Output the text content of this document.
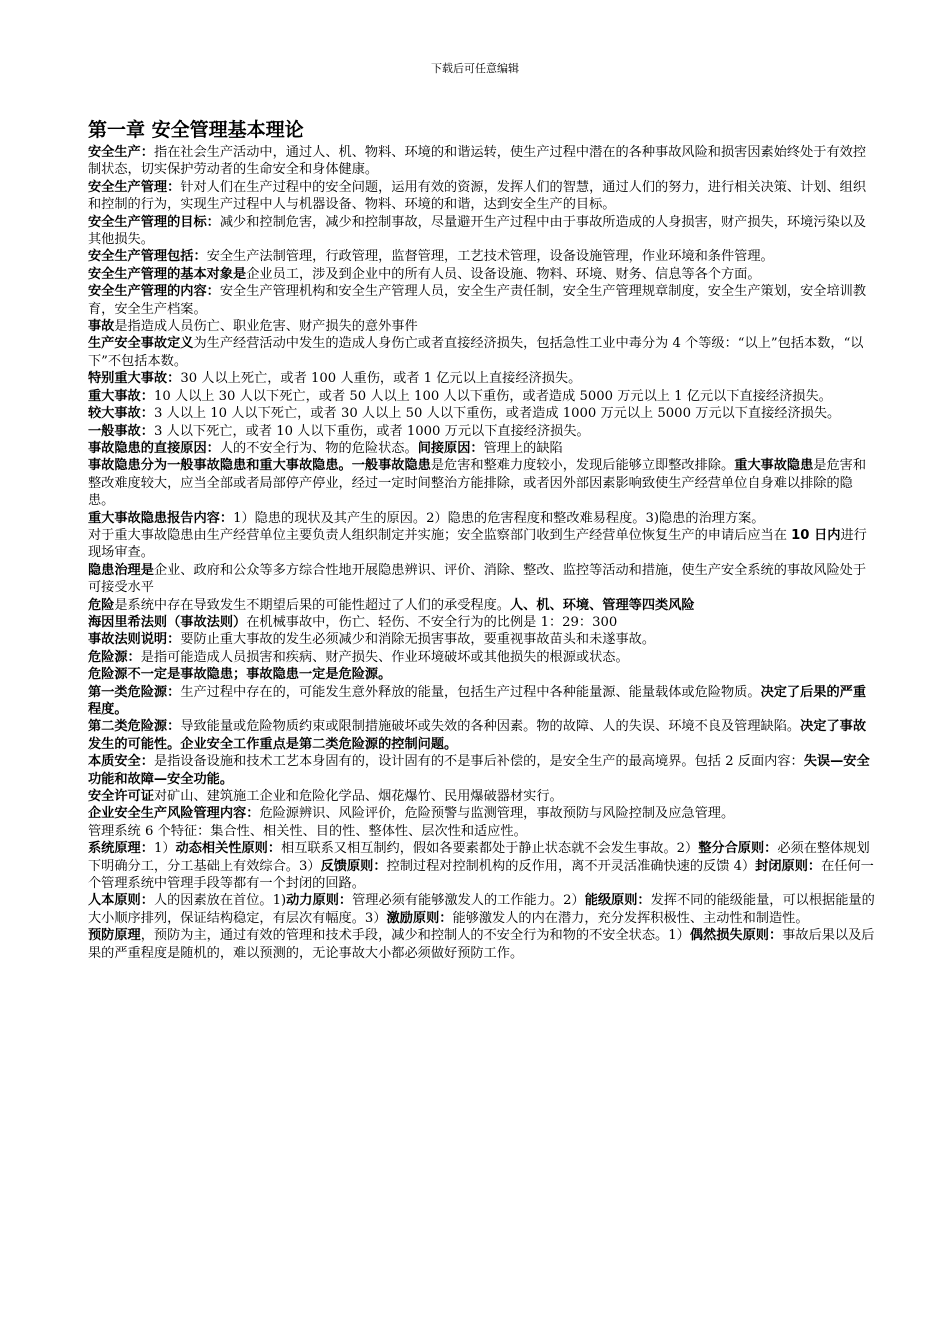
下载后可任意编辑
第一章 安全管理基本理论
安全生产：指在社会生产活动中，通过人、机、物料、环境的和谐运转，使生产过程中潜在的各种事故风险和损害因素始终处于有效控制状态，切实保护劳动者的生命安全和身体健康。
安全生产管理：针对人们在生产过程中的安全问题，运用有效的资源，发挥人们的智慧，通过人们的努力，进行相关决策、计划、组织和控制的行为，实现生产过程中人与机器设备、物料、环境的和谐，达到安全生产的目标。
安全生产管理的目标：减少和控制危害，减少和控制事故，尽量避开生产过程中由于事故所造成的人身损害，财产损失，环境污染以及其他损失。
安全生产管理包括：安全生产法制管理，行政管理，监督管理，工艺技术管理，设备设施管理，作业环境和条件管理。
安全生产管理的基本对象是企业员工，涉及到企业中的所有人员、设备设施、物料、环境、财务、信息等各个方面。
安全生产管理的内容：安全生产管理机构和安全生产管理人员，安全生产责任制，安全生产管理规章制度，安全生产策划，安全培训教育，安全生产档案。
事故是指造成人员伤亡、职业危害、财产损失的意外事件
生产安全事故定义为生产经营活动中发生的造成人身伤亡或者直接经济损失，包括急性工业中毒分为 4 个等级：“以上”包括本数，“以下”不包括本数。
特别重大事故：30 人以上死亡，或者 100 人重伤，或者 1 亿元以上直接经济损失。
重大事故：10 人以上 30 人以下死亡，或者 50 人以上 100 人以下重伤，或者造成 5000 万元以上 1 亿元以下直接经济损失。
较大事故：3 人以上 10 人以下死亡，或者 30 人以上 50 人以下重伤，或者造成 1000 万元以上 5000 万元以下直接经济损失。
一般事故：3 人以下死亡，或者 10 人以下重伤，或者 1000 万元以下直接经济损失。
事故隐患的直接原因：人的不安全行为、物的危险状态。间接原因：管理上的缺陷
事故隐患分为一般事故隐患和重大事故隐患。一般事故隐患是危害和整难力度较小，发现后能够立即整改排除。重大事故隐患是危害和整改难度较大，应当全部或者局部停产停业，经过一定时间整治方能排除，或者因外部因素影响致使生产经营单位自身难以排除的隐患。
重大事故隐患报告内容：1）隐患的现状及其产生的原因。2）隐患的危害程度和整改难易程度。3)隐患的治理方案。
对于重大事故隐患由生产经营单位主要负责人组织制定并实施；安全监察部门收到生产经营单位恢复生产的申请后应当在 10 日内进行现场审查。
隐患治理是企业、政府和公众等多方综合性地开展隐患辨识、评价、消除、整改、监控等活动和措施，使生产安全系统的事故风险处于可接受水平
危险是系统中存在导致发生不期望后果的可能性超过了人们的承受程度。人、机、环境、管理等四类风险
海因里希法则（事故法则）在机械事故中，伤亡、轻伤、不安全行为的比例是 1：29：300
事故法则说明：要防止重大事故的发生必须减少和消除无损害事故，要重视事故苗头和未遂事故。
危险源：是指可能造成人员损害和疾病、财产损失、作业环境破坏或其他损失的根源或状态。
危险源不一定是事故隐患；事故隐患一定是危险源。
第一类危险源：生产过程中存在的，可能发生意外释放的能量，包括生产过程中各种能量源、能量载体或危险物质。决定了后果的严重程度。
第二类危险源：导致能量或危险物质约束或限制措施破坏或失效的各种因素。物的故障、人的失误、环境不良及管理缺陷。决定了事故发生的可能性。企业安全工作重点是第二类危险源的控制问题。
本质安全：是指设备设施和技术工艺本身固有的，设计固有的不是事后补偿的，是安全生产的最高境界。包括 2 反面内容：失误—安全功能和故障—安全功能。
安全许可证对矿山、建筑施工企业和危险化学品、烟花爆竹、民用爆破器材实行。
企业安全生产风险管理内容：危险源辨识、风险评价，危险预警与监测管理，事故预防与风险控制及应急管理。
管理系统 6 个特征：集合性、相关性、目的性、整体性、层次性和适应性。
系统原理：1）动态相关性原则：相互联系又相互制约，假如各要素都处于静止状态就不会发生事故。2）整分合原则：必须在整体规划下明确分工，分工基础上有效综合。3）反馈原则：控制过程对控制机构的反作用，离不开灵活准确快速的反馈 4）封闭原则：在任何一个管理系统中管理手段等都有一个封闭的回路。
人本原则：人的因素放在首位。1)动力原则：管理必须有能够激发人的工作能力。2）能级原则：发挥不同的能级能量，可以根据能量的大小顺序排列，保证结构稳定，有层次有幅度。3）激励原则：能够激发人的内在潜力，充分发挥积极性、主动性和制造性。
预防原理，预防为主，通过有效的管理和技术手段，减少和控制人的不安全行为和物的不安全状态。1）偶然损失原则：事故后果以及后果的严重程度是随机的，难以预测的，无论事故大小都必须做好预防工作。
